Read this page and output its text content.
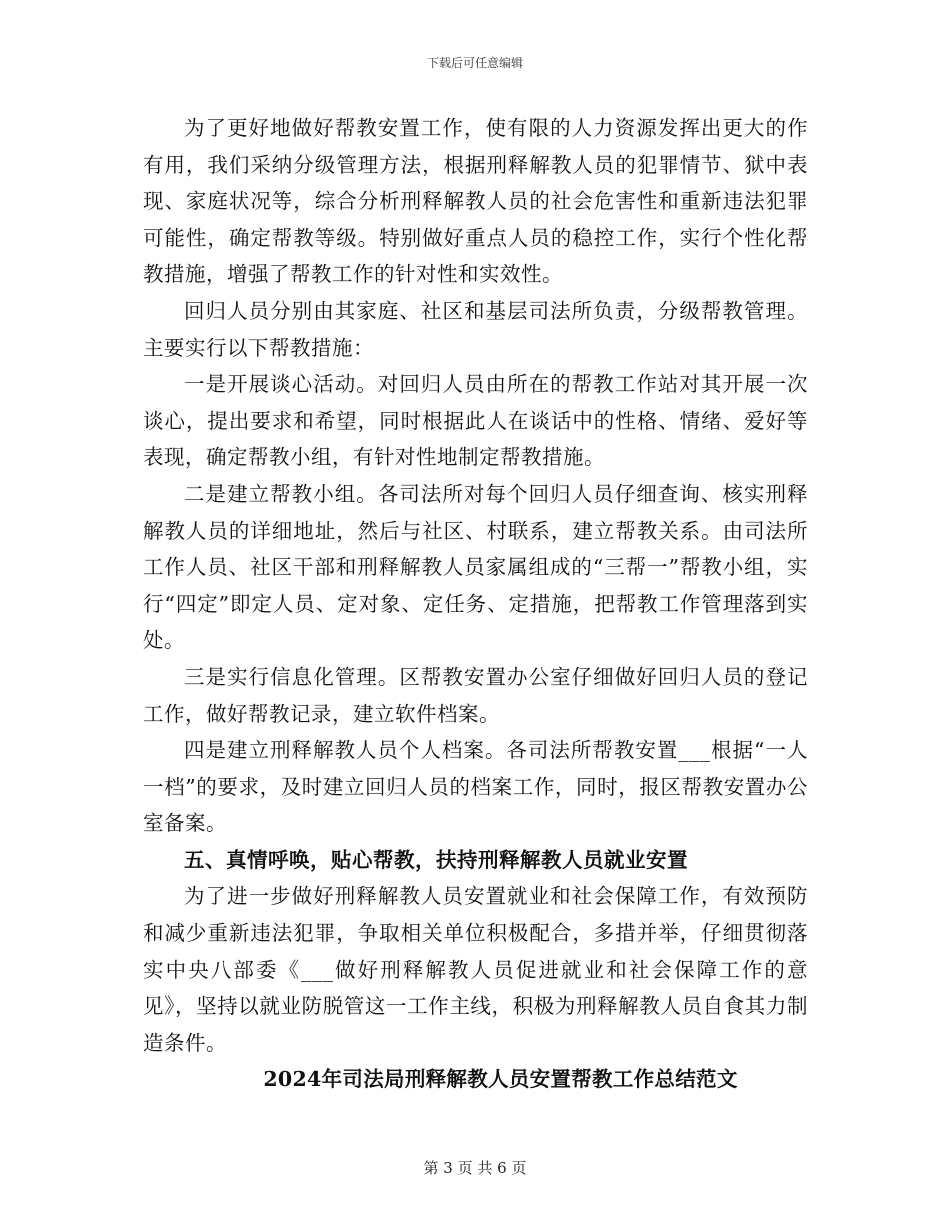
下载后可任意编辑

为了更好地做好帮教安置工作，使有限的人力资源发挥出更大的作有用，我们采纳分级管理方法，根据刑释解教人员的犯罪情节、狱中表现、家庭状况等，综合分析刑释解教人员的社会危害性和重新违法犯罪可能性，确定帮教等级。特别做好重点人员的稳控工作，实行个性化帮教措施，增强了帮教工作的针对性和实效性。

回归人员分别由其家庭、社区和基层司法所负责，分级帮教管理。主要实行以下帮教措施：

一是开展谈心活动。对回归人员由所在的帮教工作站对其开展一次谈心，提出要求和希望，同时根据此人在谈话中的性格、情绪、爱好等表现，确定帮教小组，有针对性地制定帮教措施。

二是建立帮教小组。各司法所对每个回归人员仔细查询、核实刑释解教人员的详细地址，然后与社区、村联系，建立帮教关系。由司法所工作人员、社区干部和刑释解教人员家属组成的“三帮一”帮教小组，实行“四定”即定人员、定对象、定任务、定措施，把帮教工作管理落到实处。

三是实行信息化管理。区帮教安置办公室仔细做好回归人员的登记工作，做好帮教记录，建立软件档案。

四是建立刑释解教人员个人档案。各司法所帮教安置___根据“一人一档”的要求，及时建立回归人员的档案工作，同时，报区帮教安置办公室备案。

五、真情呼唤，贴心帮教，扶持刑释解教人员就业安置

为了进一步做好刑释解教人员安置就业和社会保障工作，有效预防和减少重新违法犯罪，争取相关单位积极配合，多措并举，仔细贯彻落实中央八部委《___做好刑释解教人员促进就业和社会保障工作的意见》，坚持以就业防脱管这一工作主线，积极为刑释解教人员自食其力制造条件。

2024年司法局刑释解教人员安置帮教工作总结范文

第 3 页 共 6 页
